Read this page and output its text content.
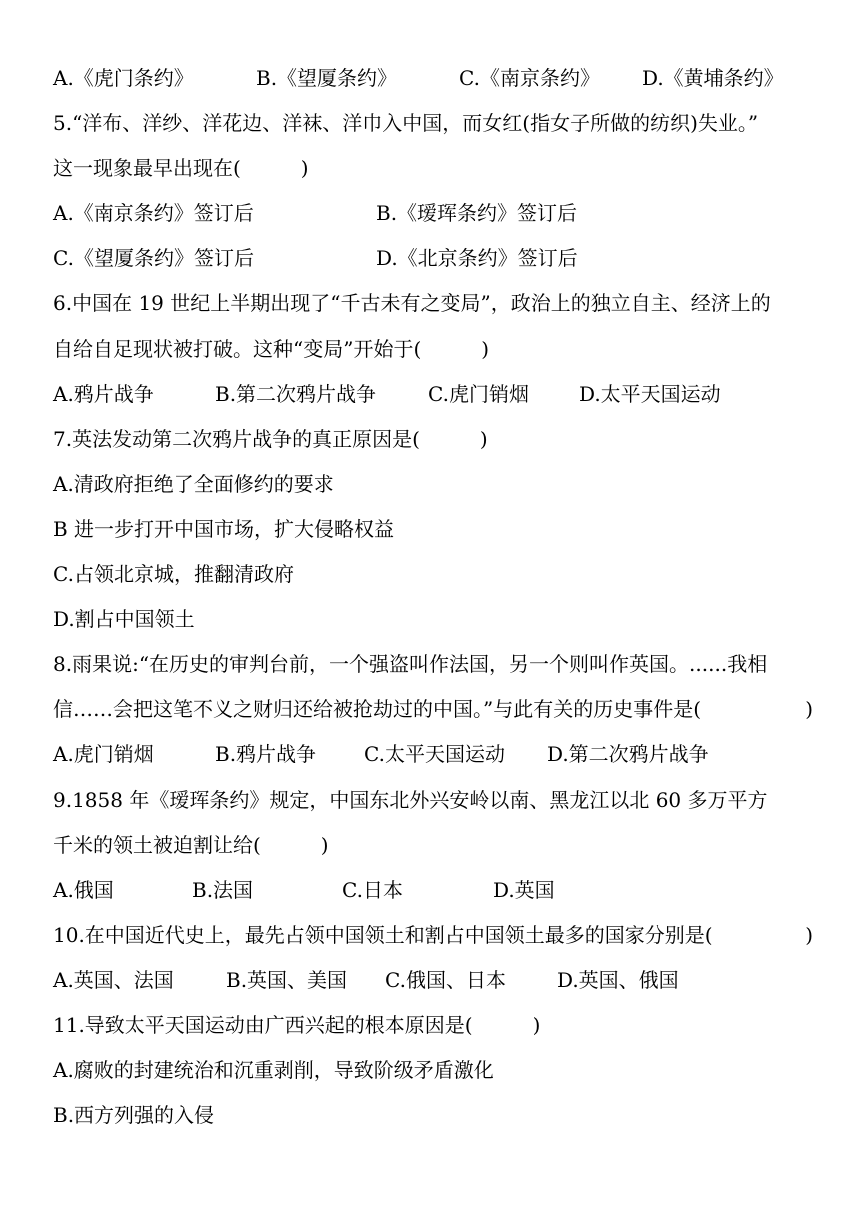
A.《虎门条约》	B.《望厦条约》	C.《南京条约》 D.《黄埔条约》
5.“洋布、洋纱、洋花边、洋袜、洋巾入中国，而女红(指女子所做的纺织)失业。”
这一现象最早出现在(　　　)
A.《南京条约》签订后	B.《瑷珲条约》签订后
C.《望厦条约》签订后	D.《北京条约》签订后
6.中国在 19 世纪上半期出现了“千古未有之变局”，政治上的独立自主、经济上的
自给自足现状被打破。这种“变局”开始于(　　　)
A.鸦片战争	B.第二次鸦片战争	C.虎门销烟	D.太平天国运动
7.英法发动第二次鸦片战争的真正原因是(　　　)
A.清政府拒绝了全面修约的要求
B 进一步打开中国市场，扩大侵略权益
C.占领北京城，推翻清政府
D.割占中国领土
8.雨果说:“在历史的审判台前，一个强盗叫作法国，另一个则叫作英国。......我相
信……会把这笔不义之财归还给被抢劫过的中国。”与此有关的历史事件是(	)
A.虎门销烟	B.鸦片战争 C.太平天国运动 D.第二次鸦片战争
9.1858 年《瑷珲条约》规定，中国东北外兴安岭以南、黑龙江以北 60 多万平方
千米的领土被迫割让给(　　　)
A.俄国	B.法国	C.日本	D.英国
10.在中国近代史上，最先占领中国领土和割占中国领土最多的国家分别是(	)
A.英国、法国	B.英国、美国 C.俄国、日本	D.英国、俄国
11.导致太平天国运动由广西兴起的根本原因是(　　　)
A.腐败的封建统治和沉重剥削，导致阶级矛盾激化
B.西方列强的入侵
